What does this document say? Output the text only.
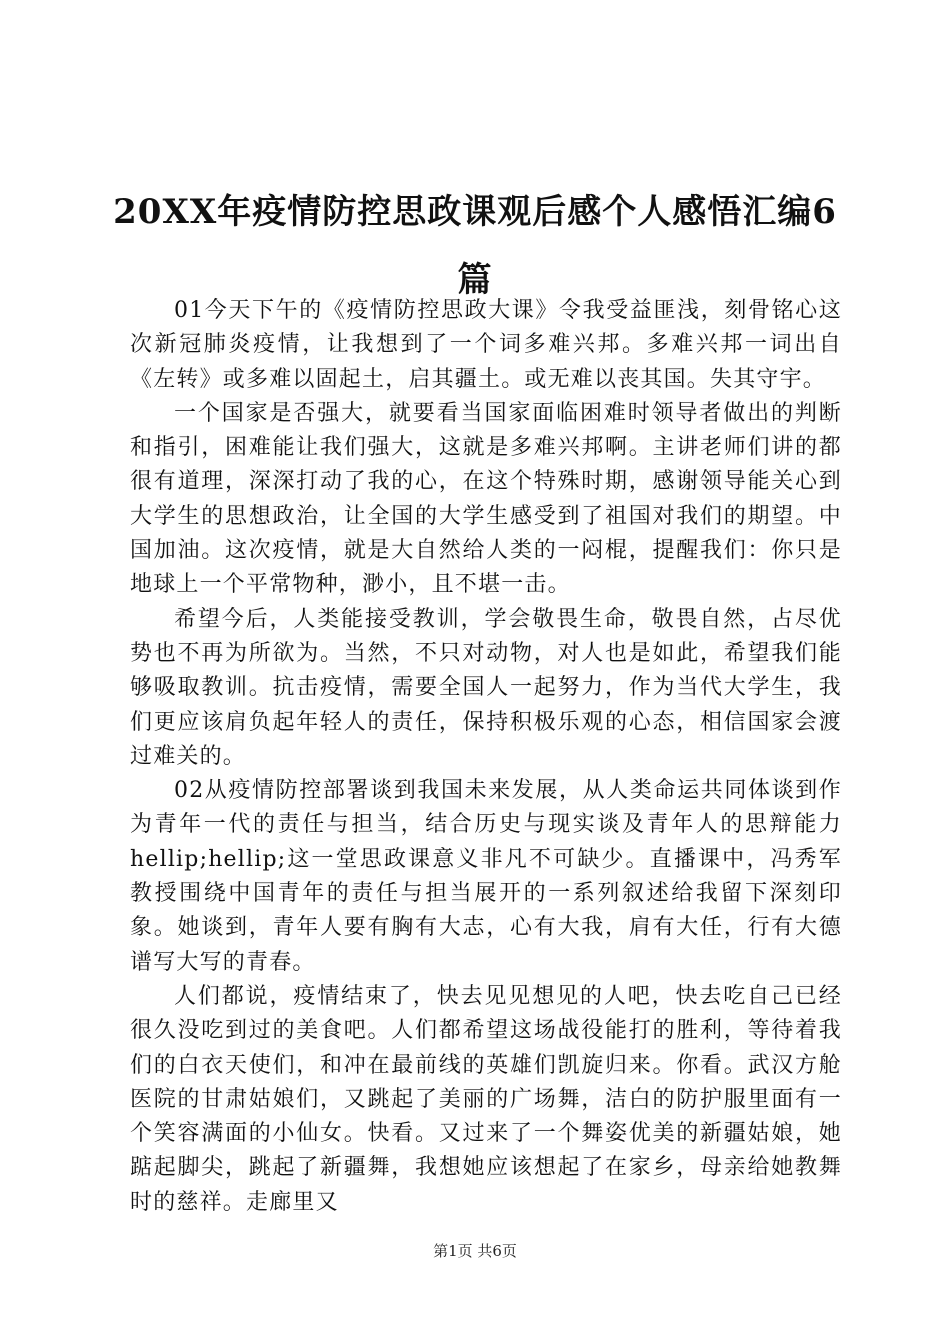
20XX年疫情防控思政课观后感个人感悟汇编6篇

01今天下午的《疫情防控思政大课》令我受益匪浅，刻骨铭心这次新冠肺炎疫情，让我想到了一个词多难兴邦。多难兴邦一词出自《左转》或多难以固起土，启其疆土。或无难以丧其国。失其守宇。

一个国家是否强大，就要看当国家面临困难时领导者做出的判断和指引，困难能让我们强大，这就是多难兴邦啊。主讲老师们讲的都很有道理，深深打动了我的心，在这个特殊时期，感谢领导能关心到大学生的思想政治，让全国的大学生感受到了祖国对我们的期望。中国加油。这次疫情，就是大自然给人类的一闷棍，提醒我们：你只是地球上一个平常物种，渺小，且不堪一击。

希望今后，人类能接受教训，学会敬畏生命，敬畏自然，占尽优势也不再为所欲为。当然，不只对动物，对人也是如此，希望我们能够吸取教训。抗击疫情，需要全国人一起努力，作为当代大学生，我们更应该肩负起年轻人的责任，保持积极乐观的心态，相信国家会渡过难关的。

02从疫情防控部署谈到我国未来发展，从人类命运共同体谈到作为青年一代的责任与担当，结合历史与现实谈及青年人的思辩能力hellip;hellip;这一堂思政课意义非凡不可缺少。直播课中，冯秀军教授围绕中国青年的责任与担当展开的一系列叙述给我留下深刻印象。她谈到，青年人要有胸有大志，心有大我，肩有大任，行有大德谱写大写的青春。

人们都说，疫情结束了，快去见见想见的人吧，快去吃自己已经很久没吃到过的美食吧。人们都希望这场战役能打的胜利，等待着我们的白衣天使们，和冲在最前线的英雄们凯旋归来。你看。武汉方舱医院的甘肃姑娘们，又跳起了美丽的广场舞，洁白的防护服里面有一个笑容满面的小仙女。快看。又过来了一个舞姿优美的新疆姑娘，她踮起脚尖，跳起了新疆舞，我想她应该想起了在家乡，母亲给她教舞时的慈祥。走廊里又

第1页 共6页
